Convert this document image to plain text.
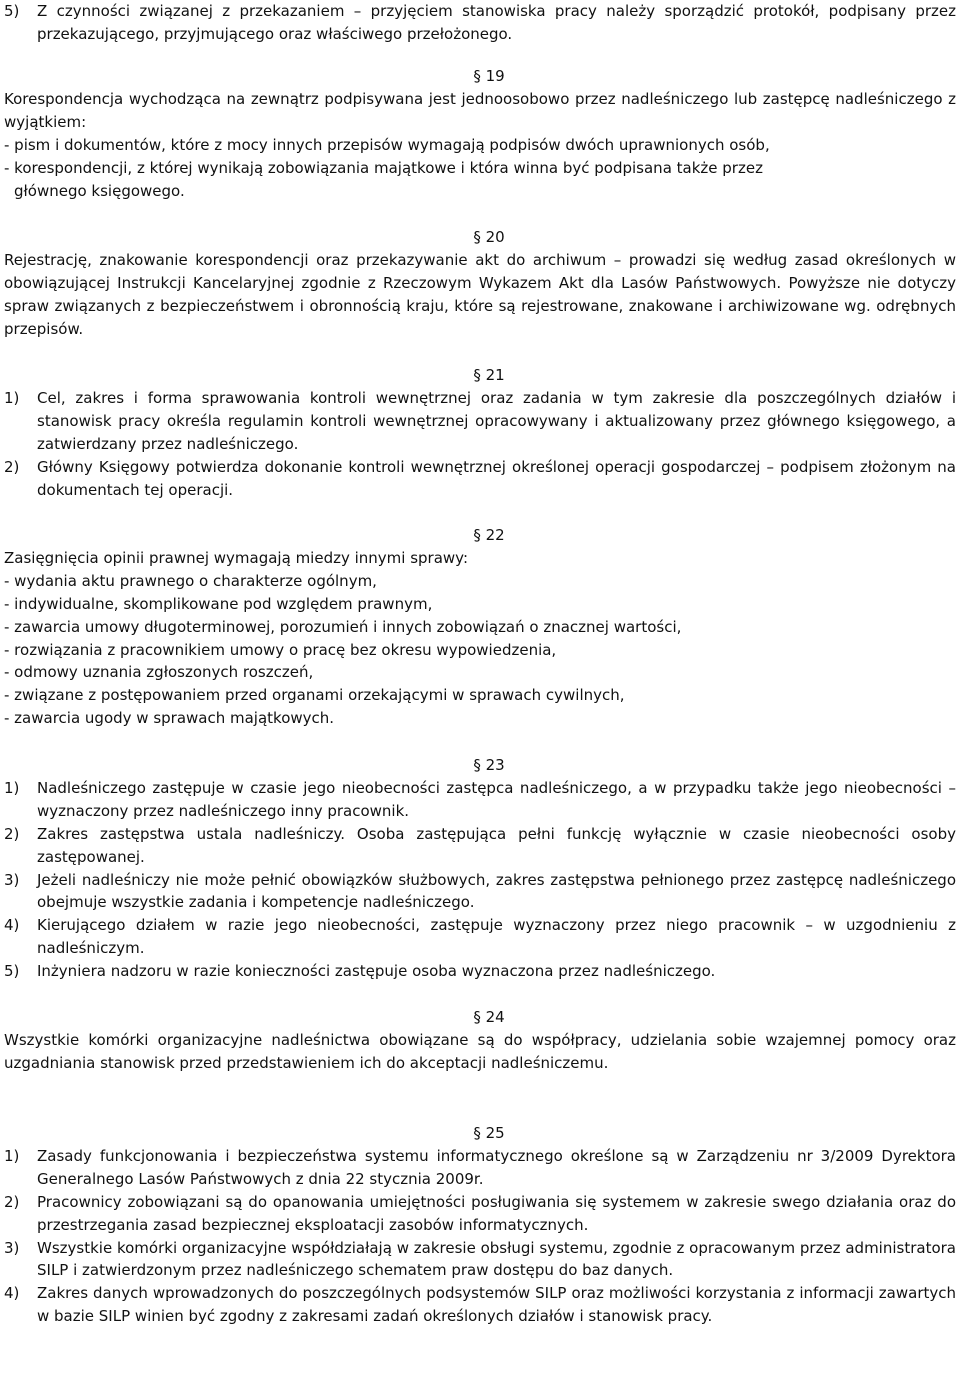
5) Z czynności związanej z przekazaniem – przyjęciem stanowiska pracy należy sporządzić protokół, podpisany przez przekazującego, przyjmującego oraz właściwego przełożonego.
§ 19
Korespondencja wychodząca na zewnątrz podpisywana jest jednoosobowo przez nadleśniczego lub zastępcę nadleśniczego z wyjątkiem:
- pism i dokumentów, które z mocy innych przepisów wymagają podpisów dwóch uprawnionych osób,
- korespondencji, z której wynikają zobowiązania majątkowe i która winna być podpisana także przez
głównego księgowego.
§ 20
Rejestrację, znakowanie korespondencji oraz przekazywanie akt do archiwum – prowadzi się według zasad określonych w obowiązującej Instrukcji Kancelaryjnej zgodnie z Rzeczowym Wykazem Akt dla Lasów Państwowych. Powyższe nie dotyczy spraw związanych z bezpieczeństwem i obronnością kraju, które są rejestrowane, znakowane i archiwizowane wg. odrębnych przepisów.
§ 21
1) Cel, zakres i forma sprawowania kontroli wewnętrznej oraz zadania w tym zakresie dla poszczególnych działów i stanowisk pracy określa regulamin kontroli wewnętrznej opracowywany i aktualizowany przez głównego księgowego, a zatwierdzany przez nadleśniczego.
2) Główny Księgowy potwierdza dokonanie kontroli wewnętrznej określonej operacji gospodarczej – podpisem złożonym na dokumentach tej operacji.
§ 22
Zasięgnięcia opinii prawnej wymagają miedzy innymi sprawy:
- wydania aktu prawnego o charakterze ogólnym,
- indywidualne, skomplikowane pod względem prawnym,
- zawarcia umowy długoterminowej, porozumień i innych zobowiązań o znacznej wartości,
- rozwiązania z pracownikiem umowy o pracę bez okresu wypowiedzenia,
- odmowy uznania zgłoszonych roszczeń,
- związane z postępowaniem przed organami orzekającymi w sprawach cywilnych,
- zawarcia ugody w sprawach majątkowych.
§ 23
1) Nadleśniczego zastępuje w czasie jego nieobecności zastępca nadleśniczego, a w przypadku także jego nieobecności – wyznaczony przez nadleśniczego inny pracownik.
2) Zakres zastępstwa ustala nadleśniczy. Osoba zastępująca pełni funkcję wyłącznie w czasie nieobecności osoby zastępowanej.
3) Jeżeli nadleśniczy nie może pełnić obowiązków służbowych, zakres zastępstwa pełnionego przez zastępcę nadleśniczego obejmuje wszystkie zadania i kompetencje nadleśniczego.
4) Kierującego działem w razie jego nieobecności, zastępuje wyznaczony przez niego pracownik – w uzgodnieniu z nadleśniczym.
5) Inżyniera nadzoru w razie konieczności zastępuje osoba wyznaczona przez nadleśniczego.
§ 24
Wszystkie komórki organizacyjne nadleśnictwa obowiązane są do współpracy, udzielania sobie wzajemnej pomocy oraz uzgadniania stanowisk przed przedstawieniem ich do akceptacji nadleśniczemu.
§ 25
1) Zasady funkcjonowania i bezpieczeństwa systemu informatycznego określone są w Zarządzeniu nr 3/2009 Dyrektora Generalnego Lasów Państwowych z dnia 22 stycznia 2009r.
2) Pracownicy zobowiązani są do opanowania umiejętności posługiwania się systemem w zakresie swego działania oraz do przestrzegania zasad bezpiecznej eksploatacji zasobów informatycznych.
3) Wszystkie komórki organizacyjne współdziałają w zakresie obsługi systemu, zgodnie z opracowanym przez administratora SILP i zatwierdzonym przez nadleśniczego schematem praw dostępu do baz danych.
4) Zakres danych wprowadzonych do poszczególnych podsystemów SILP oraz możliwości korzystania z informacji zawartych w bazie SILP winien być zgodny z zakresami zadań określonych działów i stanowisk pracy.
